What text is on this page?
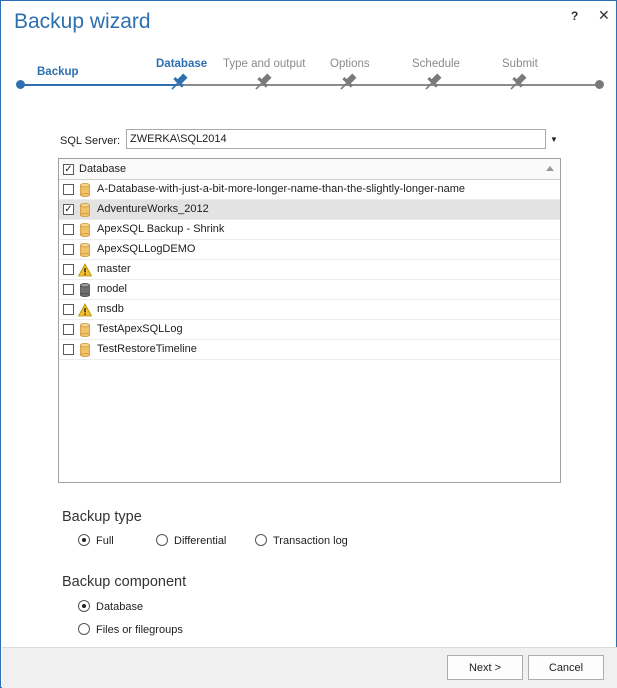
Backup wizard	? ✕
Backup
Database Type and output Options	Schedule	Submit
SQL Server: ZWERKA\SQL2014	▼
✓ Database
A-Database-with-just-a-bit-more-longer-name-than-the-slightly-longer-name
✓ AdventureWorks_2012
ApexSQL Backup - Shrink
ApexSQLLogDEMO
master
model
msdb
TestApexSQLLog
TestRestoreTimeline
Backup type
Full	Differential	Transaction log
Backup component
Database
Files or filegroups
Next >	Cancel
